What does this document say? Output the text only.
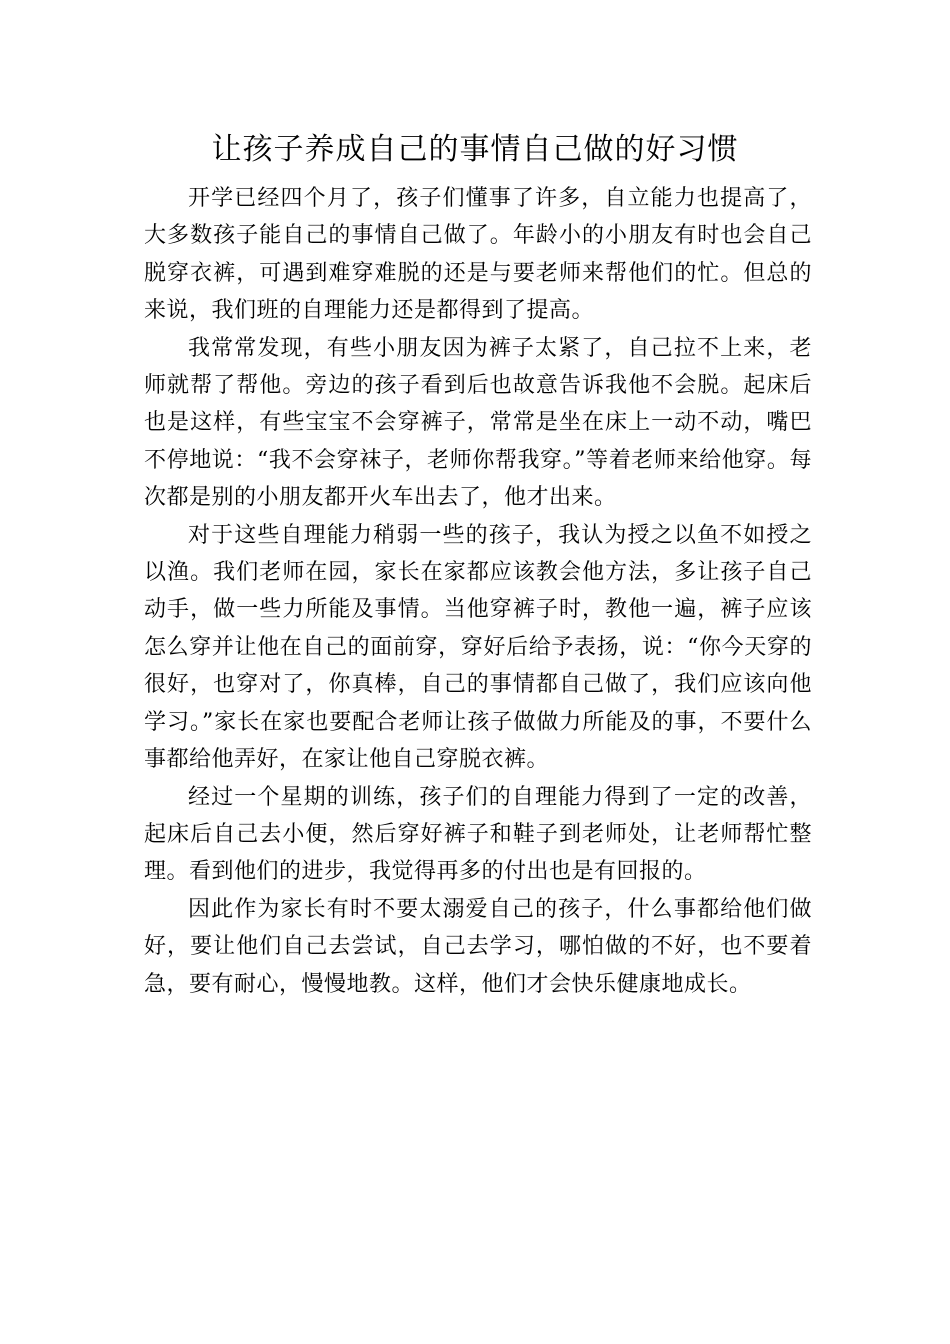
让孩子养成自己的事情自己做的好习惯

开学已经四个月了，孩子们懂事了许多，自立能力也提高了，大多数孩子能自己的事情自己做了。年龄小的小朋友有时也会自己脱穿衣裤，可遇到难穿难脱的还是与要老师来帮他们的忙。但总的来说，我们班的自理能力还是都得到了提高。

我常常发现，有些小朋友因为裤子太紧了，自己拉不上来，老师就帮了帮他。旁边的孩子看到后也故意告诉我他不会脱。起床后也是这样，有些宝宝不会穿裤子，常常是坐在床上一动不动，嘴巴不停地说：“我不会穿袜子，老师你帮我穿。”等着老师来给他穿。每次都是别的小朋友都开火车出去了，他才出来。

对于这些自理能力稍弱一些的孩子，我认为授之以鱼不如授之以渔。我们老师在园，家长在家都应该教会他方法，多让孩子自己动手，做一些力所能及事情。当他穿裤子时，教他一遍，裤子应该怎么穿并让他在自己的面前穿，穿好后给予表扬，说：“你今天穿的很好，也穿对了，你真棒，自己的事情都自己做了，我们应该向他学习。”家长在家也要配合老师让孩子做做力所能及的事，不要什么事都给他弄好，在家让他自己穿脱衣裤。

经过一个星期的训练，孩子们的自理能力得到了一定的改善，起床后自己去小便，然后穿好裤子和鞋子到老师处，让老师帮忙整理。看到他们的进步，我觉得再多的付出也是有回报的。

因此作为家长有时不要太溺爱自己的孩子，什么事都给他们做好，要让他们自己去尝试，自己去学习，哪怕做的不好，也不要着急，要有耐心，慢慢地教。这样，他们才会快乐健康地成长。
